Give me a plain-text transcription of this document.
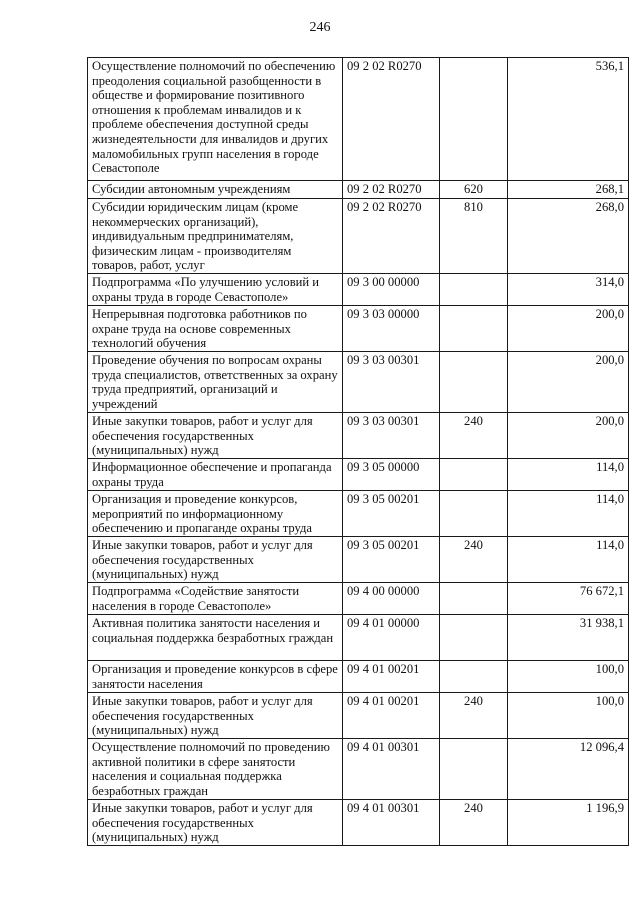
246
Осуществление полномочий по обеспечению преодоления социальной разобщенности в обществе и формирование позитивного отношения к проблемам инвалидов и к проблеме обеспечения доступной среды жизнедеятельности для инвалидов и других маломобильных групп населения в городе Севастополе	09 2 02 R0270		536,1
Субсидии автономным учреждениям	09 2 02 R0270	620	268,1
Субсидии юридическим лицам (кроме некоммерческих организаций), индивидуальным предпринимателям, физическим лицам - производителям товаров, работ, услуг	09 2 02 R0270	810	268,0
Подпрограмма «По улучшению условий и охраны труда в городе Севастополе»	09 3 00 00000		314,0
Непрерывная подготовка работников по охране труда на основе современных технологий обучения	09 3 03 00000		200,0
Проведение обучения по вопросам охраны труда специалистов, ответственных за охрану труда предприятий, организаций и учреждений	09 3 03 00301		200,0
Иные закупки товаров, работ и услуг для обеспечения государственных (муниципальных) нужд	09 3 03 00301	240	200,0
Информационное обеспечение и пропаганда охраны труда	09 3 05 00000		114,0
Организация и проведение конкурсов, мероприятий по информационному обеспечению и пропаганде охраны труда	09 3 05 00201		114,0
Иные закупки товаров, работ и услуг для обеспечения государственных (муниципальных) нужд	09 3 05 00201	240	114,0
Подпрограмма «Содействие занятости населения в городе Севастополе»	09 4 00 00000		76 672,1
Активная политика занятости населения и социальная поддержка безработных граждан	09 4 01 00000		31 938,1
Организация и проведение конкурсов в сфере занятости населения	09 4 01 00201		100,0
Иные закупки товаров, работ и услуг для обеспечения государственных (муниципальных) нужд	09 4 01 00201	240	100,0
Осуществление полномочий по проведению активной политики в сфере занятости населения и социальная поддержка безработных граждан	09 4 01 00301		12 096,4
Иные закупки товаров, работ и услуг для обеспечения государственных (муниципальных) нужд	09 4 01 00301	240	1 196,9
